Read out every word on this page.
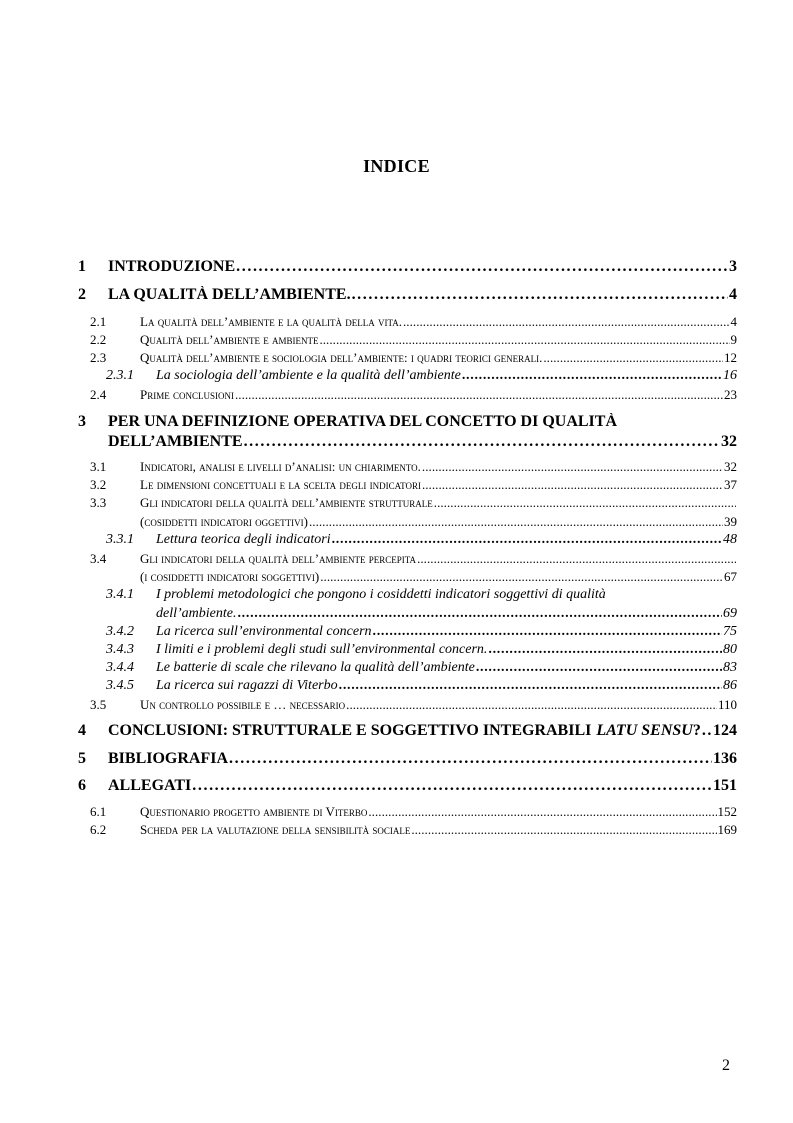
INDICE
1 INTRODUZIONE . . .	3
2 LA QUALITÀ DELL’AMBIENTE. . . .	4
2.1	La qualità dell’ambiente e la qualità della vita. . . .	4
2.2	Qualità dell’ambiente e ambiente . . .	9
2.3	Qualità dell’ambiente e sociologia dell’ambiente: i quadri teorici generali. . . .	12
2.3.1 La sociologia dell’ambiente e la qualità dell’ambiente . . .	16
2.4	Prime conclusioni . . .	23
3 PER UNA DEFINIZIONE OPERATIVA DEL CONCETTO DI QUALITÀ
DELL’AMBIENTE . . .	32
3.1	Indicatori, analisi e livelli d’analisi: un chiarimento. . . .	32
3.2	Le dimensioni concettuali e la scelta degli indicatori . . .	37
3.3	Gli indicatori della qualità dell’ambiente strutturale
. . .
(cosiddetti indicatori oggettivi) . . .	39
3.3.1 Lettura teorica degli indicatori . . .	48
3.4	Gli indicatori della qualità dell’ambiente percepita
. . .
(i cosiddetti indicatori soggettivi) . . .	67
3.4.1 I problemi metodologici che pongono i cosiddetti indicatori soggettivi di qualità
dell’ambiente. . . .	69
3.4.2 La ricerca sull’environmental concern . . .	75
3.4.3 I limiti e i problemi degli studi sull’environmental concern. . . .	80
3.4.4 Le batterie di scale che rilevano la qualità dell’ambiente . . .	83
3.4.5 La ricerca sui ragazzi di Viterbo . . .	86
3.5	Un controllo possibile e … necessario . . .	110
4 CONCLUSIONI: STRUTTURALE E SOGGETTIVO INTEGRABILI LATU SENSU ? . . . 124
5 BIBLIOGRAFIA . . .	136
6 ALLEGATI . . .	151
6.1	Questionario progetto ambiente di Viterbo . . .	152
6.2	Scheda per la valutazione della sensibilità sociale . . .	169
2
